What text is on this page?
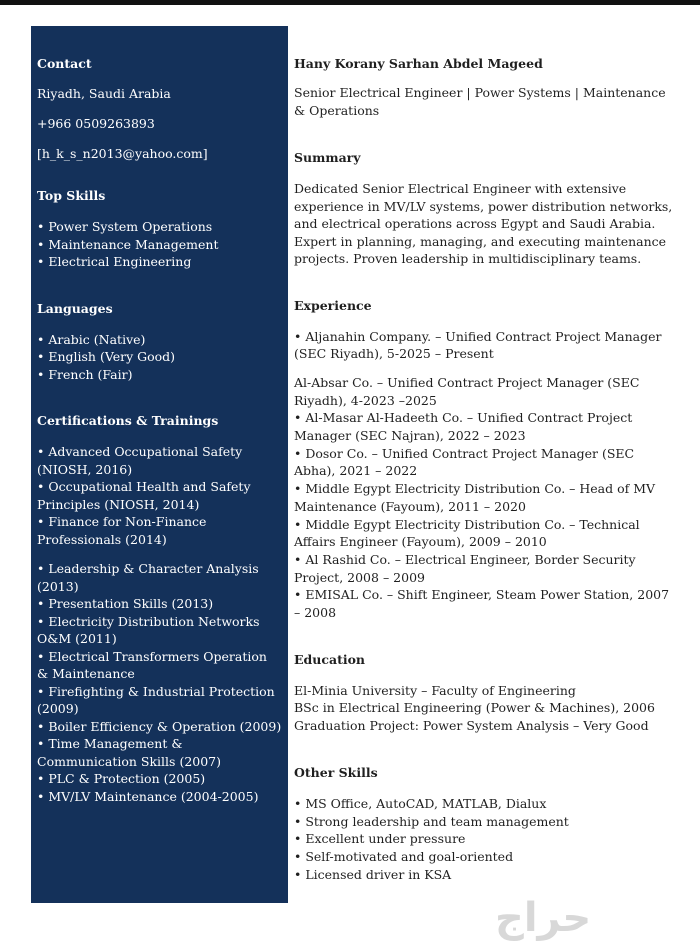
Contact

Riyadh, Saudi Arabia

+966 0509263893

[h_k_s_n2013@yahoo.com]

Top Skills

• Power System Operations
• Maintenance Management
• Electrical Engineering

Languages

• Arabic (Native)
• English (Very Good)
• French (Fair)

Certifications & Trainings

• Advanced Occupational Safety (NIOSH, 2016)
• Occupational Health and Safety Principles (NIOSH, 2014)
• Finance for Non-Finance Professionals (2014)
• Leadership & Character Analysis (2013)
• Presentation Skills (2013)
• Electricity Distribution Networks O&M (2011)
• Electrical Transformers Operation & Maintenance
• Firefighting & Industrial Protection (2009)
• Boiler Efficiency & Operation (2009)
• Time Management & Communication Skills (2007)
• PLC & Protection (2005)
• MV/LV Maintenance (2004-2005)

Hany Korany Sarhan Abdel Mageed

Senior Electrical Engineer | Power Systems | Maintenance & Operations

Summary

Dedicated Senior Electrical Engineer with extensive experience in MV/LV systems, power distribution networks, and electrical operations across Egypt and Saudi Arabia. Expert in planning, managing, and executing maintenance projects. Proven leadership in multidisciplinary teams.

Experience

• Aljanahin Company. – Unified Contract Project Manager (SEC Riyadh), 5-2025 – Present
Al-Absar Co. – Unified Contract Project Manager (SEC Riyadh), 4-2023 –2025
• Al-Masar Al-Hadeeth Co. – Unified Contract Project Manager (SEC Najran), 2022 – 2023
• Dosor Co. – Unified Contract Project Manager (SEC Abha), 2021 – 2022
• Middle Egypt Electricity Distribution Co. – Head of MV Maintenance (Fayoum), 2011 – 2020
• Middle Egypt Electricity Distribution Co. – Technical Affairs Engineer (Fayoum), 2009 – 2010
• Al Rashid Co. – Electrical Engineer, Border Security Project, 2008 – 2009
• EMISAL Co. – Shift Engineer, Steam Power Station, 2007 – 2008

Education

El-Minia University – Faculty of Engineering
BSc in Electrical Engineering (Power & Machines), 2006
Graduation Project: Power System Analysis – Very Good

Other Skills

• MS Office, AutoCAD, MATLAB, Dialux
• Strong leadership and team management
• Excellent under pressure
• Self-motivated and goal-oriented
• Licensed driver in KSA
حراج
